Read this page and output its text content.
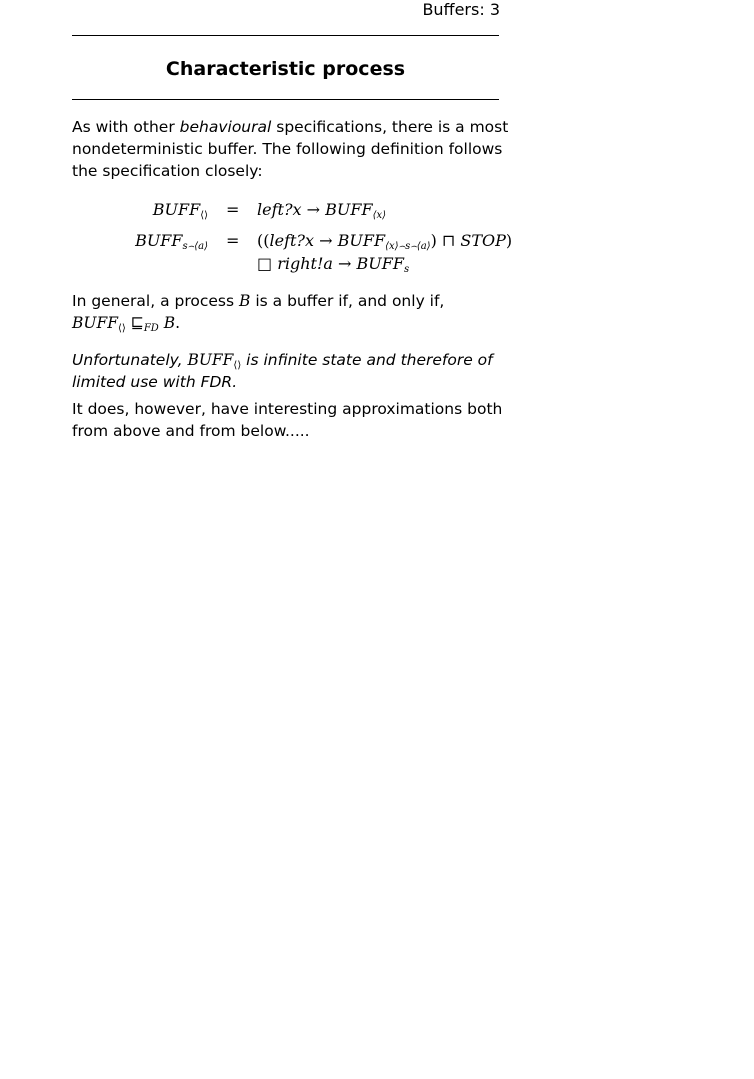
Buffers: 3
Characteristic process
As with other behavioural specifications, there is a most nondeterministic buffer. The following definition follows the specification closely:
$BUFF_{⟨⟩}$ = left?x → $BUFF_{⟨x⟩}$
$BUFF_{s⌢⟨a⟩}$ = ((left?x → $BUFF_{⟨x⟩⌢s⌢⟨a⟩}$) ⊓ STOP)
□ right!a → $BUFF_s$
In general, a process B is a buffer if, and only if,
$BUFF_{⟨⟩}$ $⊑_{FD}$ B.
Unfortunately, $BUFF_{⟨⟩}$ is infinite state and therefore of limited use with FDR.
It does, however, have interesting approximations both from above and from below.....
